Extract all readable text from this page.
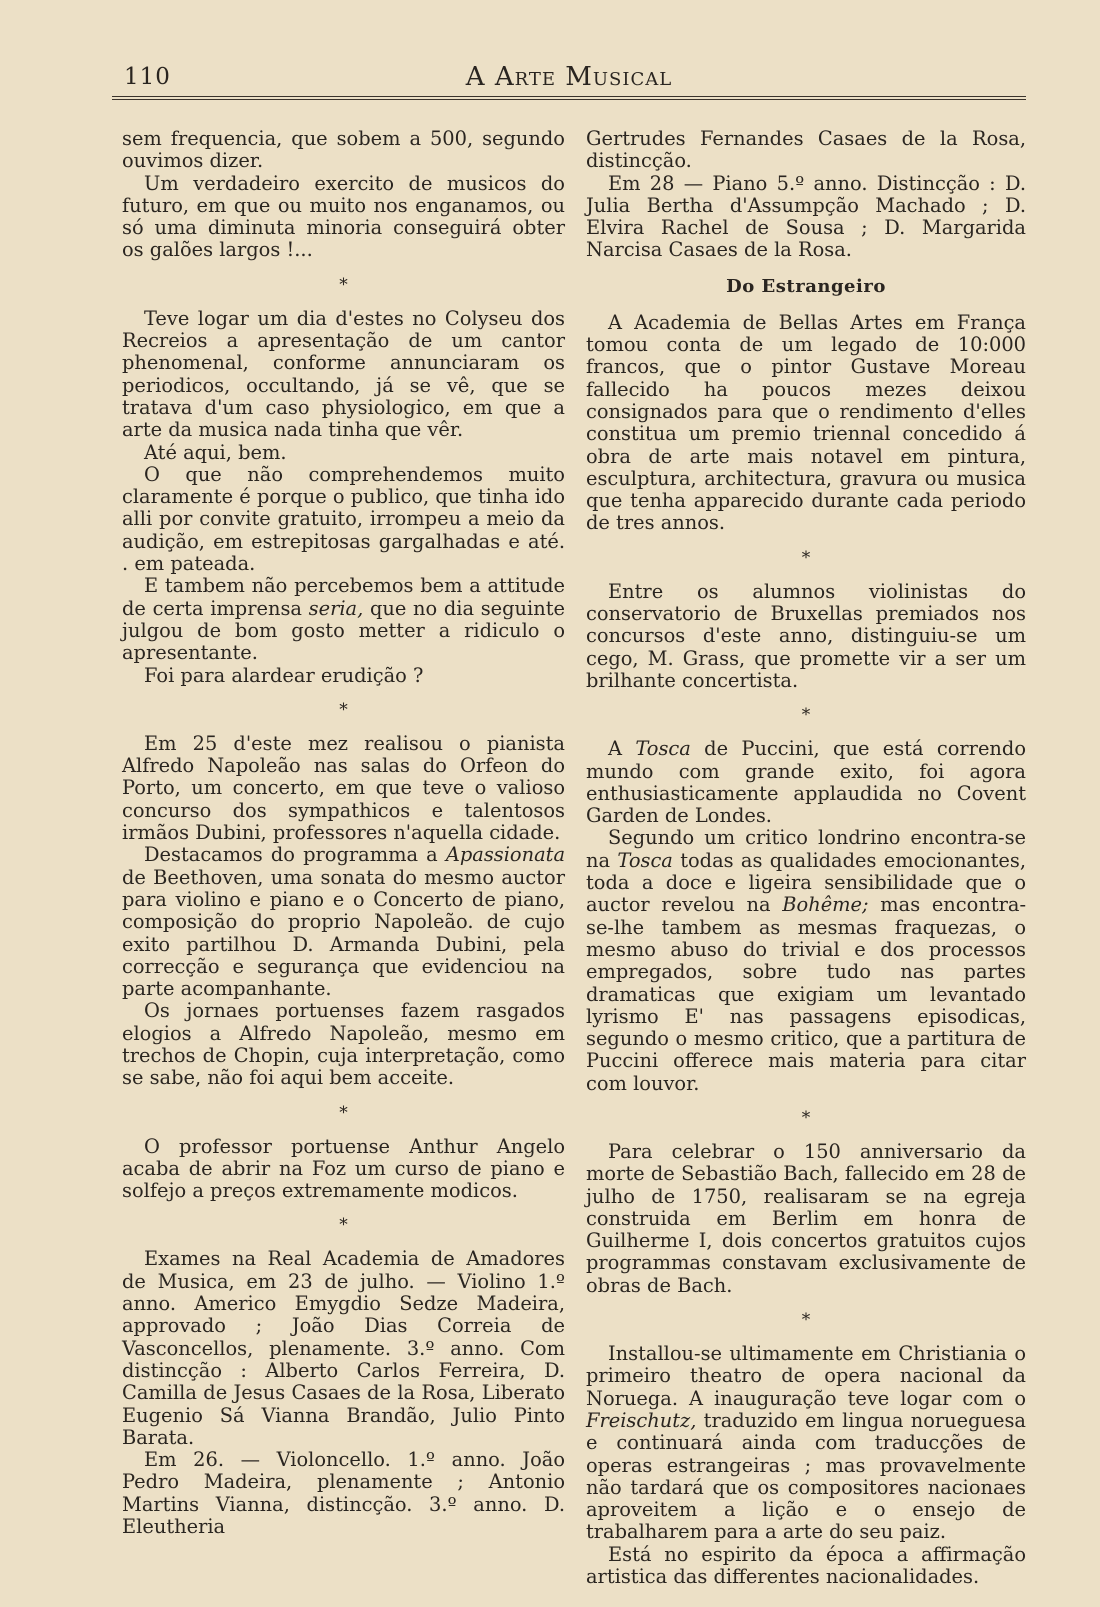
110	A Arte Musical

sem frequencia, que sobem a 500, segundo ouvimos dizer.

Um verdadeiro exercito de musicos do futuro, em que ou muito nos enganamos, ou só uma diminuta minoria conseguirá obter os galões largos !...

*

Teve logar um dia d'estes no Colyseu dos Recreios a apresentação de um cantor phenomenal, conforme annunciaram os periodicos, occultando, já se vê, que se tratava d'um caso physiologico, em que a arte da musica nada tinha que vêr.

Até aqui, bem.

O que não comprehendemos muito claramente é porque o publico, que tinha ido alli por convite gratuito, irrompeu a meio da audição, em estrepitosas gargalhadas e até. . em pateada.

E tambem não percebemos bem a attitude de certa imprensa seria, que no dia seguinte julgou de bom gosto metter a ridiculo o apresentante.

Foi para alardear erudição ?

*

Em 25 d'este mez realisou o pianista Alfredo Napoleão nas salas do Orfeon do Porto, um concerto, em que teve o valioso concurso dos sympathicos e talentosos irmãos Dubini, professores n'aquella cidade.

Destacamos do programma a Apassionata de Beethoven, uma sonata do mesmo auctor para violino e piano e o Concerto de piano, composição do proprio Napoleão. de cujo exito partilhou D. Armanda Dubini, pela correcção e segurança que evidenciou na parte acompanhante.

Os jornaes portuenses fazem rasgados elogios a Alfredo Napoleão, mesmo em trechos de Chopin, cuja interpretação, como se sabe, não foi aqui bem acceite.

*

O professor portuense Anthur Angelo acaba de abrir na Foz um curso de piano e solfejo a preços extremamente modicos.

*

Exames na Real Academia de Amadores de Musica, em 23 de julho. — Violino 1.º anno. Americo Emygdio Sedze Madeira, approvado ; João Dias Correia de Vasconcellos, plenamente. 3.º anno. Com distincção : Alberto Carlos Ferreira, D. Camilla de Jesus Casaes de la Rosa, Liberato Eugenio Sá Vianna Brandão, Julio Pinto Barata.

Em 26. — Violoncello. 1.º anno. João Pedro Madeira, plenamente ; Antonio Martins Vianna, distincção. 3.º anno. D. Eleutheria

Gertrudes Fernandes Casaes de la Rosa, distincção.

Em 28 — Piano 5.º anno. Distincção : D. Julia Bertha d'Assumpção Machado ; D. Elvira Rachel de Sousa ; D. Margarida Narcisa Casaes de la Rosa.

Do Estrangeiro

A Academia de Bellas Artes em França tomou conta de um legado de 10:000 francos, que o pintor Gustave Moreau fallecido ha poucos mezes deixou consignados para que o rendimento d'elles constitua um premio triennal concedido á obra de arte mais notavel em pintura, esculptura, architectura, gravura ou musica que tenha apparecido durante cada periodo de tres annos.

*

Entre os alumnos violinistas do conservatorio de Bruxellas premiados nos concursos d'este anno, distinguiu-se um cego, M. Grass, que promette vir a ser um brilhante concertista.

*

A Tosca de Puccini, que está correndo mundo com grande exito, foi agora enthusiasticamente applaudida no Covent Garden de Londes.

Segundo um critico londrino encontra-se na Tosca todas as qualidades emocionantes, toda a doce e ligeira sensibilidade que o auctor revelou na Bohême; mas encontra-se-lhe tambem as mesmas fraquezas, o mesmo abuso do trivial e dos processos empregados, sobre tudo nas partes dramaticas que exigiam um levantado lyrismo E' nas passagens episodicas, segundo o mesmo critico, que a partitura de Puccini offerece mais materia para citar com louvor.

*

Para celebrar o 150 anniversario da morte de Sebastião Bach, fallecido em 28 de julho de 1750, realisaram se na egreja construida em Berlim em honra de Guilherme I, dois concertos gratuitos cujos programmas constavam exclusivamente de obras de Bach.

*

Installou-se ultimamente em Christiania o primeiro theatro de opera nacional da Noruega. A inauguração teve logar com o Freischutz, traduzido em lingua norueguesa e continuará ainda com traducções de operas estrangeiras ; mas provavelmente não tardará que os compositores nacionaes aproveitem a lição e o ensejo de trabalharem para a arte do seu paiz.

Está no espirito da época a affirmação artistica das differentes nacionalidades.
